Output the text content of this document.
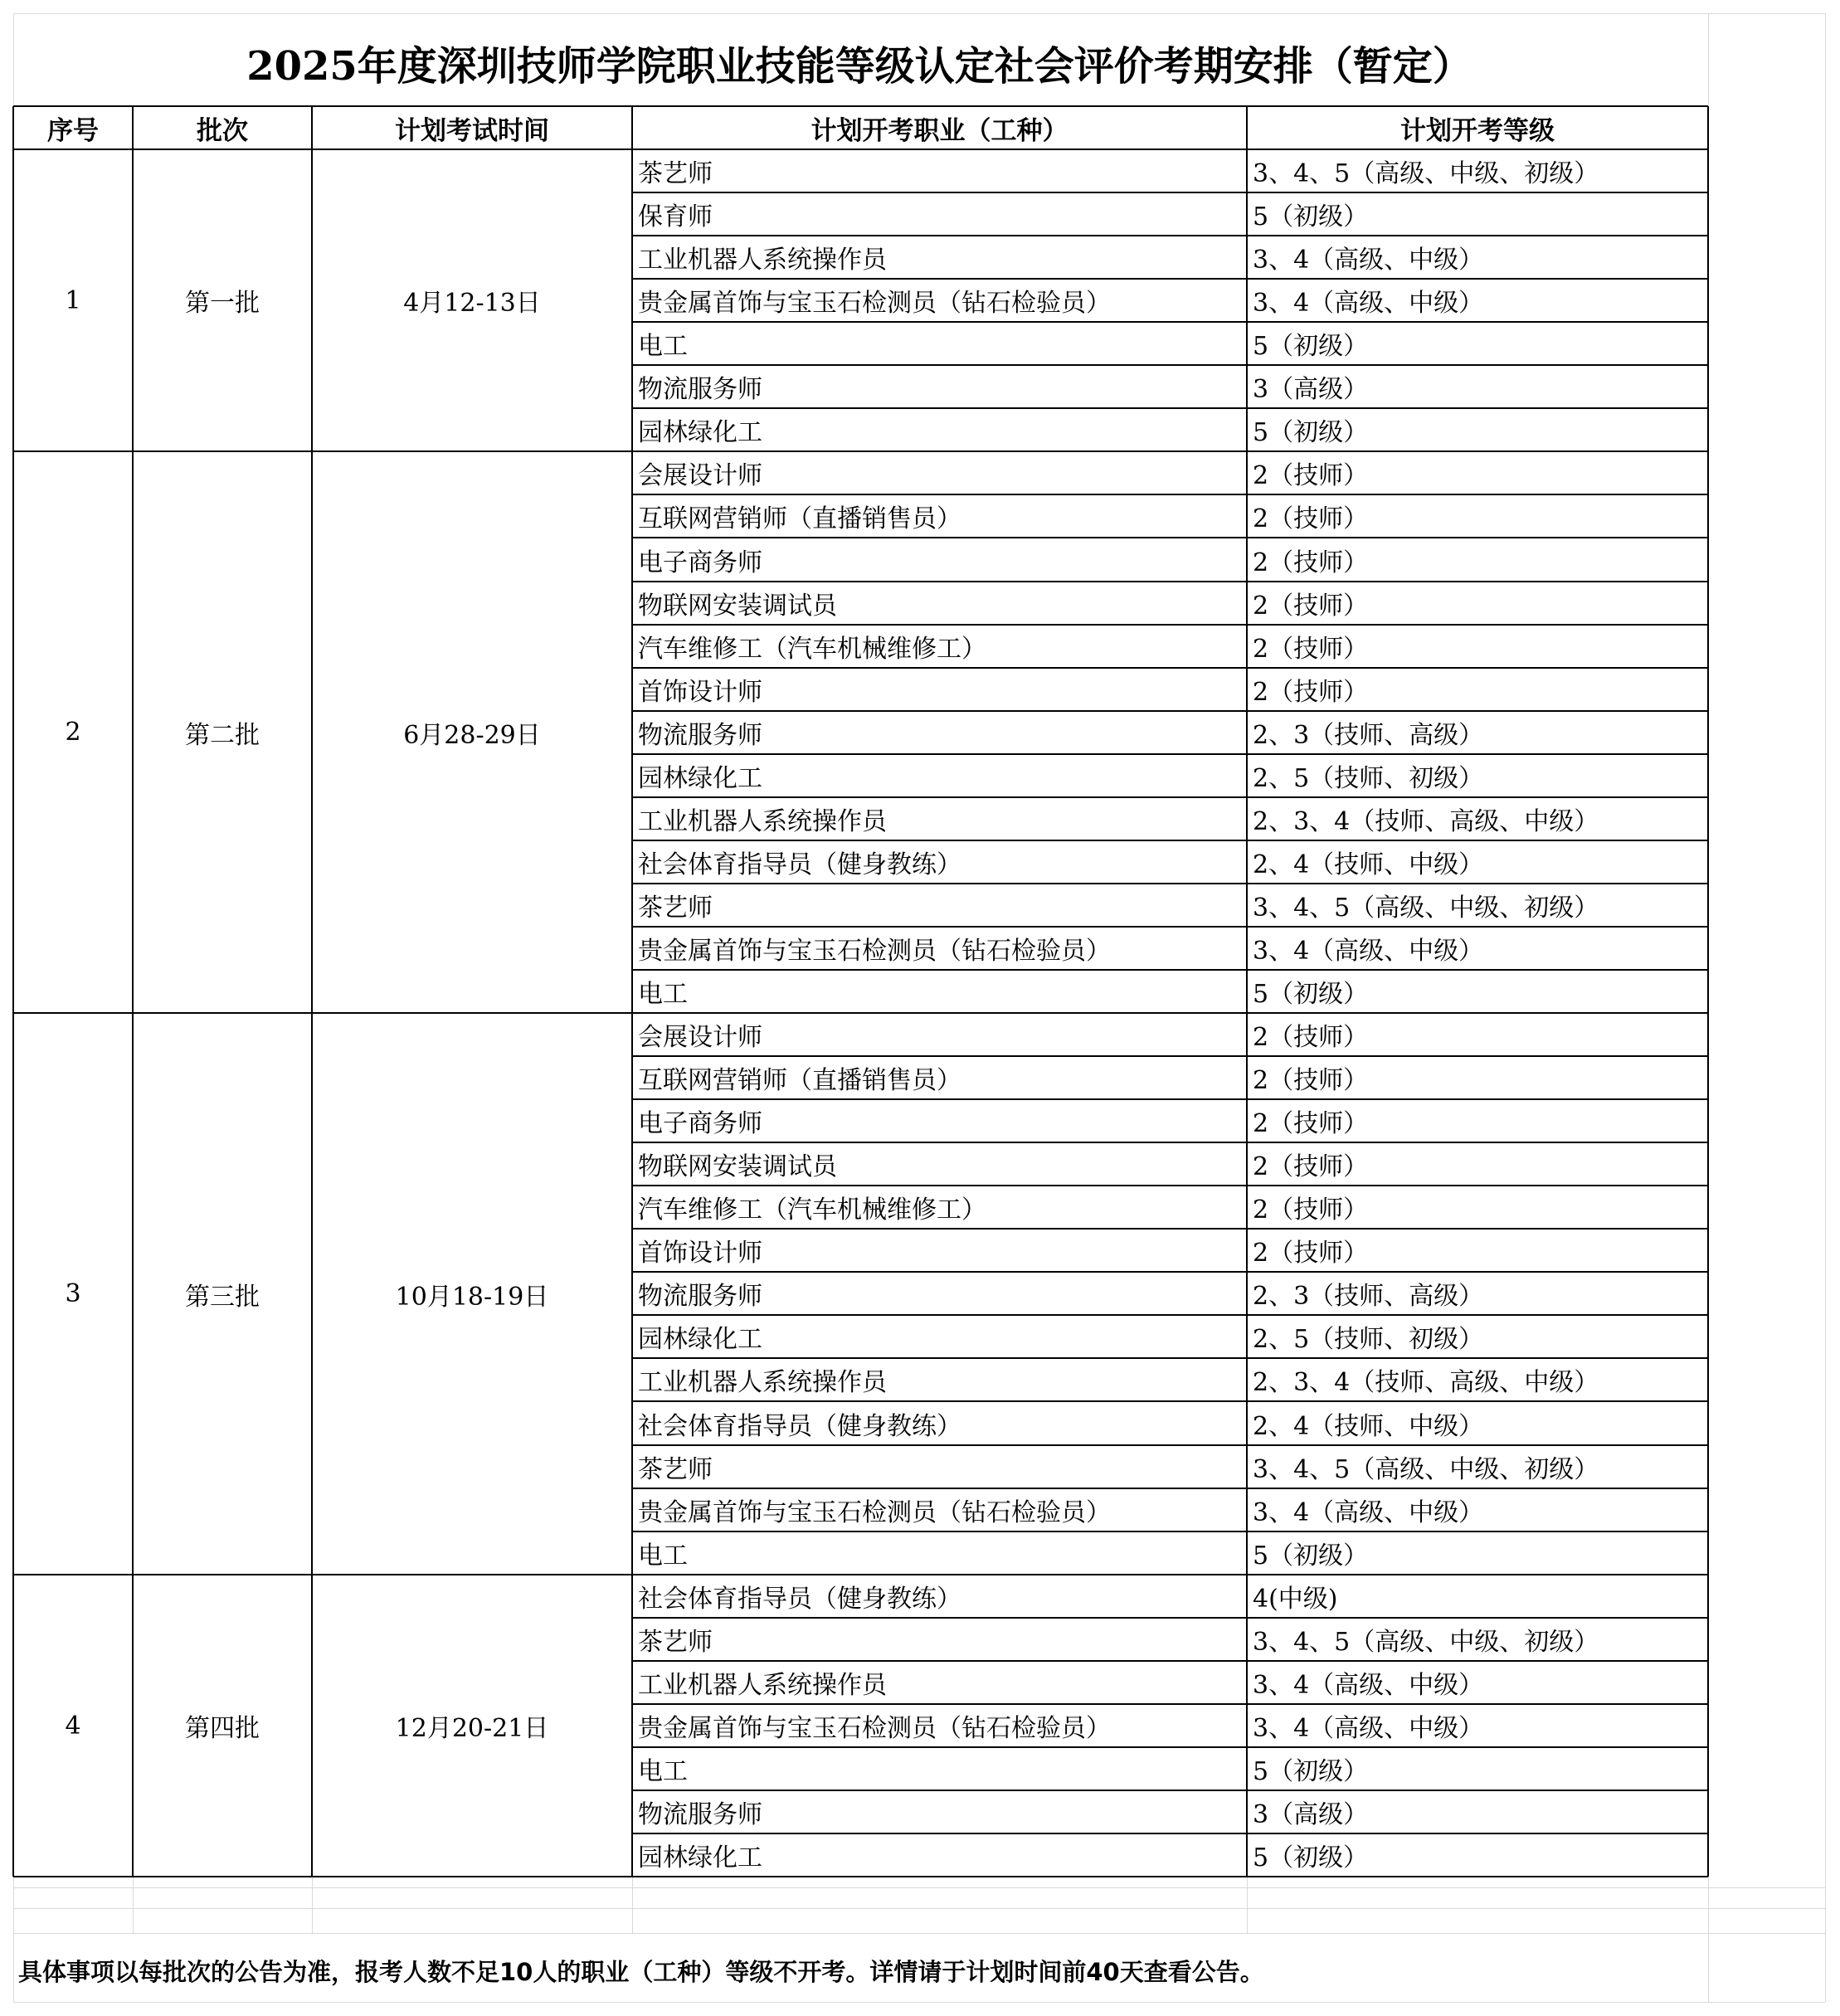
2025年度深圳技师学院职业技能等级认定社会评价考期安排（暂定）
序号	批次	计划考试时间	计划开考职业（工种）	计划开考等级
1	第一批	4月12-13日
茶艺师	3、4、5（高级、中级、初级）
保育师	5（初级）
工业机器人系统操作员	3、4（高级、中级）
贵金属首饰与宝玉石检测员（钻石检验员）	3、4（高级、中级）
电工	5（初级）
物流服务师	3（高级）
园林绿化工	5（初级）
2	第二批	6月28-29日
会展设计师	2（技师）
互联网营销师（直播销售员）	2（技师）
电子商务师	2（技师）
物联网安装调试员	2（技师）
汽车维修工（汽车机械维修工）	2（技师）
首饰设计师	2（技师）
物流服务师	2、3（技师、高级）
园林绿化工	2、5（技师、初级）
工业机器人系统操作员	2、3、4（技师、高级、中级）
社会体育指导员（健身教练）	2、4（技师、中级）
茶艺师	3、4、5（高级、中级、初级）
贵金属首饰与宝玉石检测员（钻石检验员）	3、4（高级、中级）
电工	5（初级）
3	第三批	10月18-19日
会展设计师	2（技师）
互联网营销师（直播销售员）	2（技师）
电子商务师	2（技师）
物联网安装调试员	2（技师）
汽车维修工（汽车机械维修工）	2（技师）
首饰设计师	2（技师）
物流服务师	2、3（技师、高级）
园林绿化工	2、5（技师、初级）
工业机器人系统操作员	2、3、4（技师、高级、中级）
社会体育指导员（健身教练）	2、4（技师、中级）
茶艺师	3、4、5（高级、中级、初级）
贵金属首饰与宝玉石检测员（钻石检验员）	3、4（高级、中级）
电工	5（初级）
4	第四批	12月20-21日
社会体育指导员（健身教练）	4(中级)
茶艺师	3、4、5（高级、中级、初级）
工业机器人系统操作员	3、4（高级、中级）
贵金属首饰与宝玉石检测员（钻石检验员）	3、4（高级、中级）
电工	5（初级）
物流服务师	3（高级）
园林绿化工	5（初级）
具体事项以每批次的公告为准，报考人数不足10人的职业（工种）等级不开考。详情请于计划时间前40天查看公告。
